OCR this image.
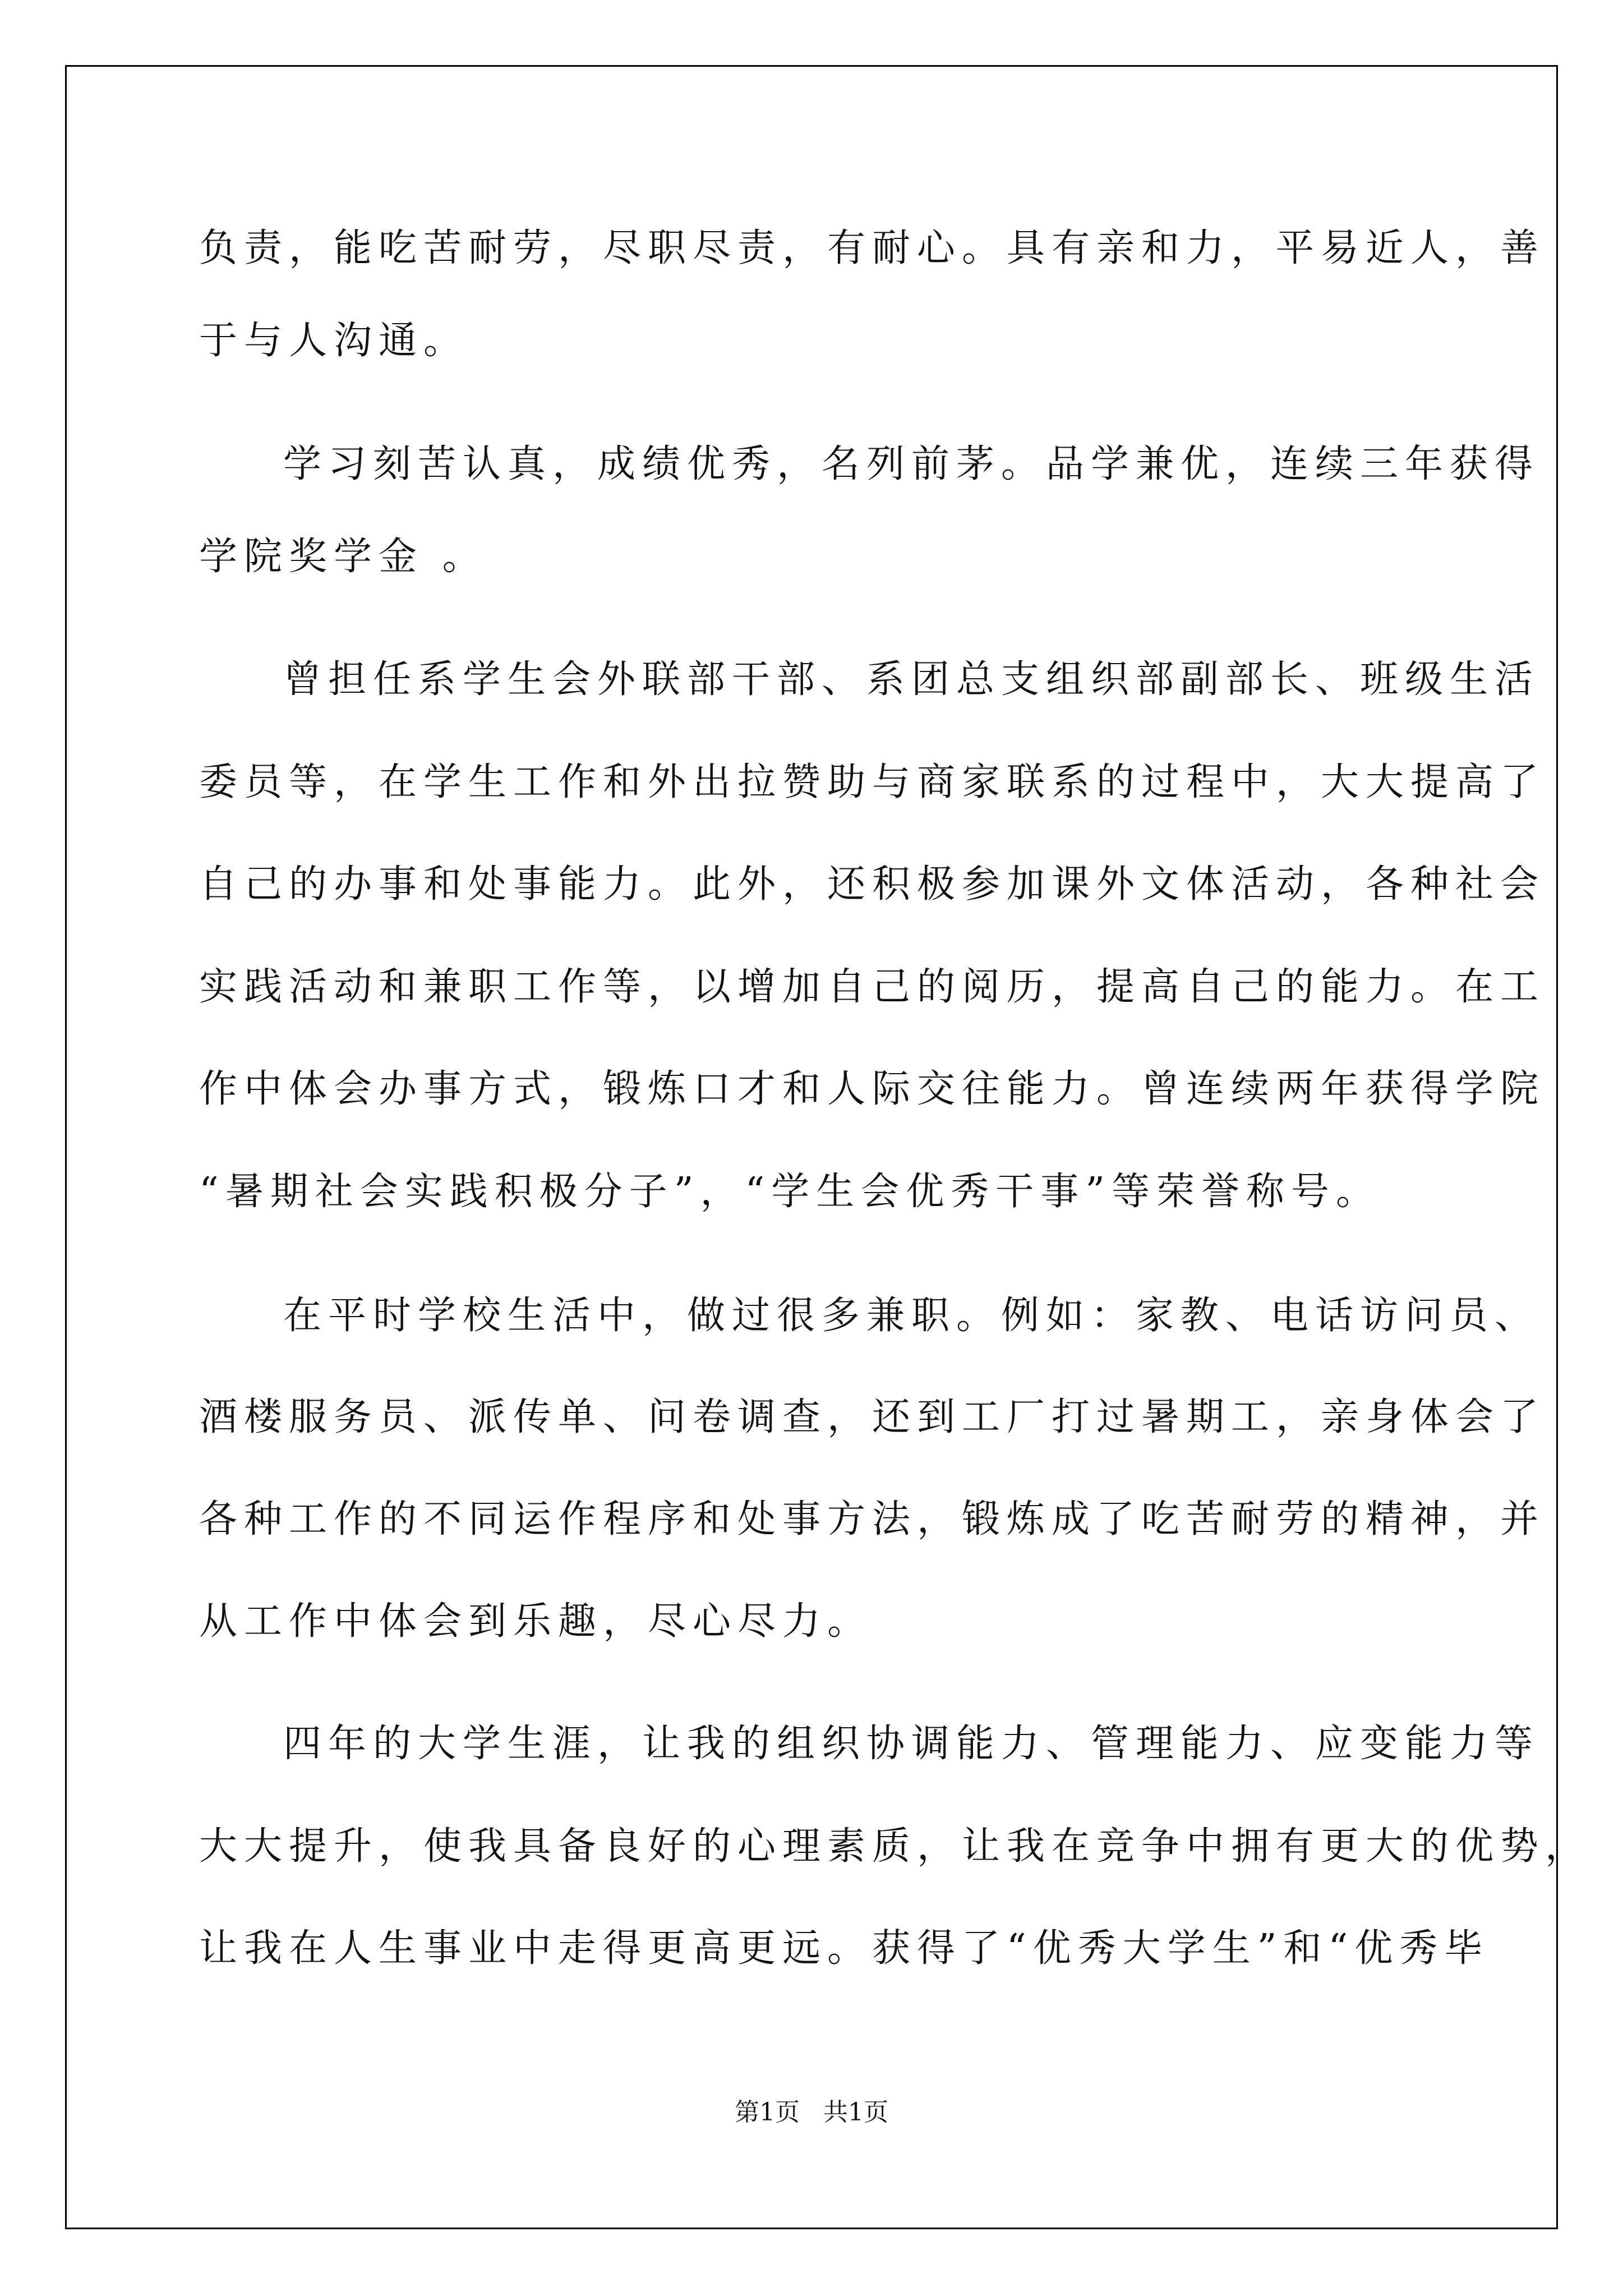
负责，能吃苦耐劳，尽职尽责，有耐心。具有亲和力，平易近人，善
于与人沟通。
学习刻苦认真，成绩优秀，名列前茅。品学兼优，连续三年获得
学院奖学金 。
曾担任系学生会外联部干部、系团总支组织部副部长、班级生活
委员等，在学生工作和外出拉赞助与商家联系的过程中，大大提高了
自己的办事和处事能力。此外，还积极参加课外文体活动，各种社会
实践活动和兼职工作等，以增加自己的阅历，提高自己的能力。在工
作中体会办事方式，锻炼口才和人际交往能力。曾连续两年获得学院
“暑期社会实践积极分子”，“学生会优秀干事”等荣誉称号。
在平时学校生活中，做过很多兼职。例如：家教、电话访问员、
酒楼服务员、派传单、问卷调查，还到工厂打过暑期工，亲身体会了
各种工作的不同运作程序和处事方法，锻炼成了吃苦耐劳的精神，并
从工作中体会到乐趣，尽心尽力。
四年的大学生涯，让我的组织协调能力、管理能力、应变能力等
大大提升，使我具备良好的心理素质，让我在竞争中拥有更大的优势，
让我在人生事业中走得更高更远。获得了“优秀大学生”和“优秀毕
第1页   共1页
